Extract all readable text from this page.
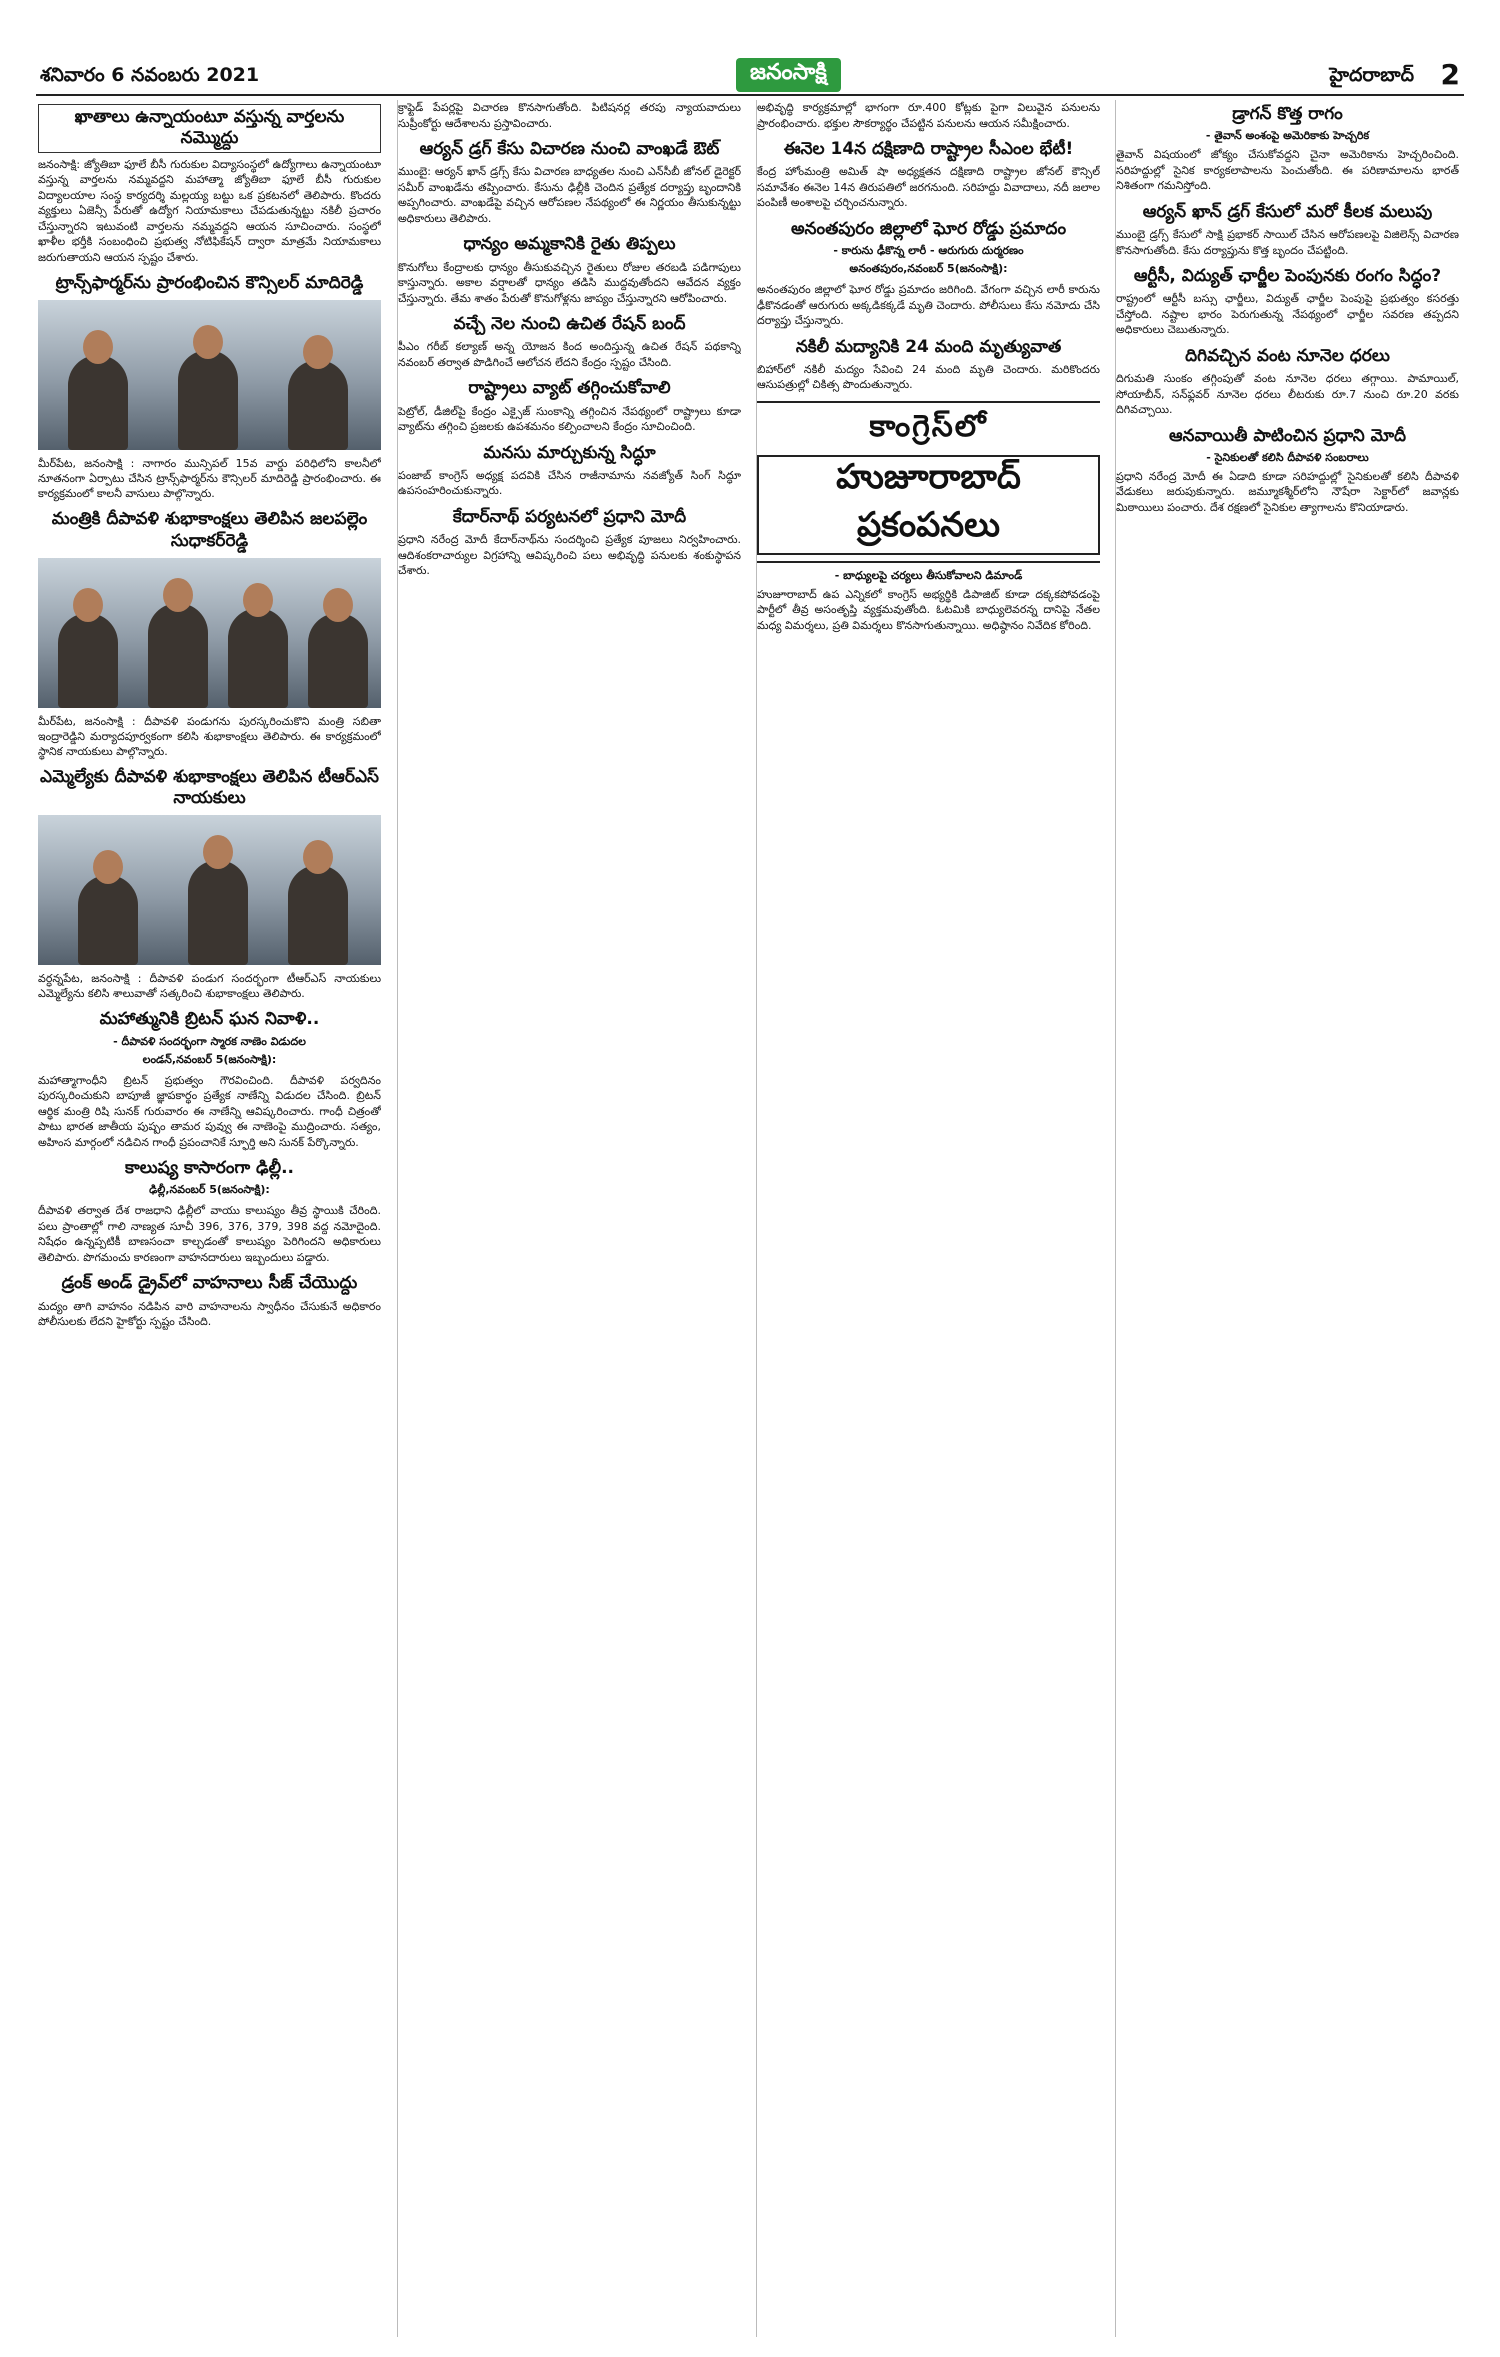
శనివారం 6 నవంబరు 2021	జనంసాక్షి	హైదరాబాద్ 2
ఖాతాలు ఉన్నాయంటూ వస్తున్న వార్తలను నమ్మొద్దు

జనంసాక్షి: జ్యోతిబా ఫూలే బీసీ గురుకుల విద్యాసంస్థలో ఉద్యోగాలు ఉన్నాయంటూ వస్తున్న వార్తలను నమ్మవద్దని మహాత్మా జ్యోతిబా ఫూలే బీసీ గురుకుల విద్యాలయాల సంస్థ కార్యదర్శి మల్లయ్య బట్టు ఒక ప్రకటనలో తెలిపారు. కొందరు వ్యక్తులు ఏజెన్సీ పేరుతో ఉద్యోగ నియామకాలు చేపడుతున్నట్టు నకిలీ ప్రచారం చేస్తున్నారని ఇటువంటి వార్తలను నమ్మవద్దని ఆయన సూచించారు. సంస్థలో ఖాళీల భర్తీకి సంబంధించి ప్రభుత్వ నోటిఫికేషన్ ద్వారా మాత్రమే నియామకాలు జరుగుతాయని ఆయన స్పష్టం చేశారు.

ట్రాన్స్‌ఫార్మర్‌ను ప్రారంభించిన కౌన్సిలర్ మాదిరెడ్డి

మీర్‌పేట, జనంసాక్షి : నాగారం మున్సిపల్ 15వ వార్డు పరిధిలోని కాలనీలో నూతనంగా ఏర్పాటు చేసిన ట్రాన్స్‌ఫార్మర్‌ను కౌన్సిలర్ మాదిరెడ్డి ప్రారంభించారు. ఈ కార్యక్రమంలో కాలనీ వాసులు పాల్గొన్నారు.

మంత్రికి దీపావళి శుభాకాంక్షలు తెలిపిన జలపల్లెం సుధాకర్‌రెడ్డి

మీర్‌పేట, జనంసాక్షి : దీపావళి పండుగను పురస్కరించుకొని మంత్రి సబితా ఇంద్రారెడ్డిని మర్యాదపూర్వకంగా కలిసి శుభాకాంక్షలు తెలిపారు. ఈ కార్యక్రమంలో స్థానిక నాయకులు పాల్గొన్నారు.

ఎమ్మెల్యేకు దీపావళి శుభాకాంక్షలు తెలిపిన టీఆర్‌ఎస్ నాయకులు

వర్ధన్నపేట, జనంసాక్షి : దీపావళి పండుగ సందర్భంగా టీఆర్‌ఎస్ నాయకులు ఎమ్మెల్యేను కలిసి శాలువాతో సత్కరించి శుభాకాంక్షలు తెలిపారు.

మహాత్మునికి బ్రిటన్ ఘన నివాళి..
- దీపావళి సందర్భంగా స్మారక నాణెం విడుదల
లండన్,నవంబర్ 5(జనంసాక్షి):

మహాత్మాగాంధీని బ్రిటన్ ప్రభుత్వం గౌరవించింది. దీపావళి పర్వదినం పురస్కరించుకుని బాపూజీ జ్ఞాపకార్థం ప్రత్యేక నాణేన్ని విడుదల చేసింది. బ్రిటన్ ఆర్థిక మంత్రి రిషి సునక్ గురువారం ఈ నాణేన్ని ఆవిష్కరించారు. గాంధీ చిత్రంతో పాటు భారత జాతీయ పుష్పం తామర పువ్వు ఈ నాణెంపై ముద్రించారు. సత్యం, అహింస మార్గంలో నడిచిన గాంధీ ప్రపంచానికే స్ఫూర్తి అని సునక్ పేర్కొన్నారు.

కాలుష్య కాసారంగా ఢిల్లీ..
ఢిల్లీ,నవంబర్ 5(జనంసాక్షి):

దీపావళి తర్వాత దేశ రాజధాని ఢిల్లీలో వాయు కాలుష్యం తీవ్ర స్థాయికి చేరింది. పలు ప్రాంతాల్లో గాలి నాణ్యత సూచీ 396, 376, 379, 398 వద్ద నమోదైంది. నిషేధం ఉన్నప్పటికీ బాణసంచా కాల్చడంతో కాలుష్యం పెరిగిందని అధికారులు తెలిపారు. పొగమంచు కారణంగా వాహనదారులు ఇబ్బందులు పడ్డారు.

డ్రంక్ అండ్ డ్రైవ్‌లో వాహనాలు సీజ్ చేయొద్దు

మద్యం తాగి వాహనం నడిపిన వారి వాహనాలను స్వాధీనం చేసుకునే అధికారం పోలీసులకు లేదని హైకోర్టు స్పష్టం చేసింది.

క్రాఫ్టెడ్ పేపర్లపై విచారణ కొనసాగుతోంది. పిటిషనర్ల తరపు న్యాయవాదులు సుప్రీంకోర్టు ఆదేశాలను ప్రస్తావించారు.

ఆర్యన్ డ్రగ్ కేసు విచారణ నుంచి వాంఖడే ఔట్

ముంబై: ఆర్యన్ ఖాన్ డ్రగ్స్ కేసు విచారణ బాధ్యతల నుంచి ఎన్‌సీబీ జోనల్ డైరెక్టర్ సమీర్ వాంఖడేను తప్పించారు. కేసును ఢిల్లీకి చెందిన ప్రత్యేక దర్యాప్తు బృందానికి అప్పగించారు. వాంఖడేపై వచ్చిన ఆరోపణల నేపథ్యంలో ఈ నిర్ణయం తీసుకున్నట్టు అధికారులు తెలిపారు.

ధాన్యం అమ్మకానికి రైతు తిప్పలు

కొనుగోలు కేంద్రాలకు ధాన్యం తీసుకువచ్చిన రైతులు రోజుల తరబడి పడిగాపులు కాస్తున్నారు. అకాల వర్షాలతో ధాన్యం తడిసి ముద్దవుతోందని ఆవేదన వ్యక్తం చేస్తున్నారు. తేమ శాతం పేరుతో కొనుగోళ్లను జాప్యం చేస్తున్నారని ఆరోపించారు.

వచ్చే నెల నుంచి ఉచిత రేషన్ బంద్

పీఎం గరీబ్ కల్యాణ్ అన్న యోజన కింద అందిస్తున్న ఉచిత రేషన్ పథకాన్ని నవంబర్ తర్వాత పొడిగించే ఆలోచన లేదని కేంద్రం స్పష్టం చేసింది.

రాష్ట్రాలు వ్యాట్ తగ్గించుకోవాలి

పెట్రోల్, డీజిల్‌పై కేంద్రం ఎక్సైజ్ సుంకాన్ని తగ్గించిన నేపథ్యంలో రాష్ట్రాలు కూడా వ్యాట్‌ను తగ్గించి ప్రజలకు ఉపశమనం కల్పించాలని కేంద్రం సూచించింది.

మనసు మార్చుకున్న సిద్ధూ

పంజాబ్ కాంగ్రెస్ అధ్యక్ష పదవికి చేసిన రాజీనామాను నవజ్యోత్ సింగ్ సిద్ధూ ఉపసంహరించుకున్నారు.

కేదార్‌నాథ్ పర్యటనలో ప్రధాని మోదీ

ప్రధాని నరేంద్ర మోదీ కేదార్‌నాథ్‌ను సందర్శించి ప్రత్యేక పూజలు నిర్వహించారు. ఆదిశంకరాచార్యుల విగ్రహాన్ని ఆవిష్కరించి పలు అభివృద్ధి పనులకు శంకుస్థాపన చేశారు.

అభివృద్ధి కార్యక్రమాల్లో భాగంగా రూ.400 కోట్లకు పైగా విలువైన పనులను ప్రారంభించారు. భక్తుల సౌకర్యార్థం చేపట్టిన పనులను ఆయన సమీక్షించారు.

ఈనెల 14న దక్షిణాది రాష్ట్రాల సీఎంల భేటీ!

కేంద్ర హోంమంత్రి అమిత్ షా అధ్యక్షతన దక్షిణాది రాష్ట్రాల జోనల్ కౌన్సిల్ సమావేశం ఈనెల 14న తిరుపతిలో జరగనుంది. సరిహద్దు వివాదాలు, నదీ జలాల పంపిణీ అంశాలపై చర్చించనున్నారు.

అనంతపురం జిల్లాలో ఘోర రోడ్డు ప్రమాదం
- కారును ఢీకొన్న లారీ - ఆరుగురు దుర్మరణం
అనంతపురం,నవంబర్ 5(జనంసాక్షి):

అనంతపురం జిల్లాలో ఘోర రోడ్డు ప్రమాదం జరిగింది. వేగంగా వచ్చిన లారీ కారును ఢీకొనడంతో ఆరుగురు అక్కడికక్కడే మృతి చెందారు. పోలీసులు కేసు నమోదు చేసి దర్యాప్తు చేస్తున్నారు.

నకిలీ మద్యానికి 24 మంది మృత్యువాత

బిహార్‌లో నకిలీ మద్యం సేవించి 24 మంది మృతి చెందారు. మరికొందరు ఆసుపత్రుల్లో చికిత్స పొందుతున్నారు.

కాంగ్రెస్‌లో
హుజూరాబాద్ ప్రకంపనలు
- బాధ్యులపై చర్యలు తీసుకోవాలని డిమాండ్

హుజూరాబాద్ ఉప ఎన్నికలో కాంగ్రెస్ అభ్యర్థికి డిపాజిట్ కూడా దక్కకపోవడంపై పార్టీలో తీవ్ర అసంతృప్తి వ్యక్తమవుతోంది. ఓటమికి బాధ్యులెవరన్న దానిపై నేతల మధ్య విమర్శలు, ప్రతి విమర్శలు కొనసాగుతున్నాయి. అధిష్ఠానం నివేదిక కోరింది.

డ్రాగన్ కొత్త రాగం
- తైవాన్ అంశంపై అమెరికాకు హెచ్చరిక

తైవాన్ విషయంలో జోక్యం చేసుకోవద్దని చైనా అమెరికాను హెచ్చరించింది. సరిహద్దుల్లో సైనిక కార్యకలాపాలను పెంచుతోంది. ఈ పరిణామాలను భారత్ నిశితంగా గమనిస్తోంది.

ఆర్యన్ ఖాన్ డ్రగ్ కేసులో మరో కీలక మలుపు

ముంబై డ్రగ్స్ కేసులో సాక్షి ప్రభాకర్ సాయిల్ చేసిన ఆరోపణలపై విజిలెన్స్ విచారణ కొనసాగుతోంది. కేసు దర్యాప్తును కొత్త బృందం చేపట్టింది.

ఆర్టీసీ, విద్యుత్ ఛార్జీల పెంపునకు రంగం సిద్ధం?

రాష్ట్రంలో ఆర్టీసీ బస్సు ఛార్జీలు, విద్యుత్ ఛార్జీల పెంపుపై ప్రభుత్వం కసరత్తు చేస్తోంది. నష్టాల భారం పెరుగుతున్న నేపథ్యంలో ఛార్జీల సవరణ తప్పదని అధికారులు చెబుతున్నారు.

దిగివచ్చిన వంట నూనెల ధరలు

దిగుమతి సుంకం తగ్గింపుతో వంట నూనెల ధరలు తగ్గాయి. పామాయిల్, సోయాబీన్, సన్‌ఫ్లవర్ నూనెల ధరలు లీటరుకు రూ.7 నుంచి రూ.20 వరకు దిగివచ్చాయి.

ఆనవాయితీ పాటించిన ప్రధాని మోదీ
- సైనికులతో కలిసి దీపావళి సంబరాలు

ప్రధాని నరేంద్ర మోదీ ఈ ఏడాది కూడా సరిహద్దుల్లో సైనికులతో కలిసి దీపావళి వేడుకలు జరుపుకున్నారు. జమ్మూకశ్మీర్‌లోని నౌషేరా సెక్టార్‌లో జవాన్లకు మిఠాయిలు పంచారు. దేశ రక్షణలో సైనికుల త్యాగాలను కొనియాడారు.
